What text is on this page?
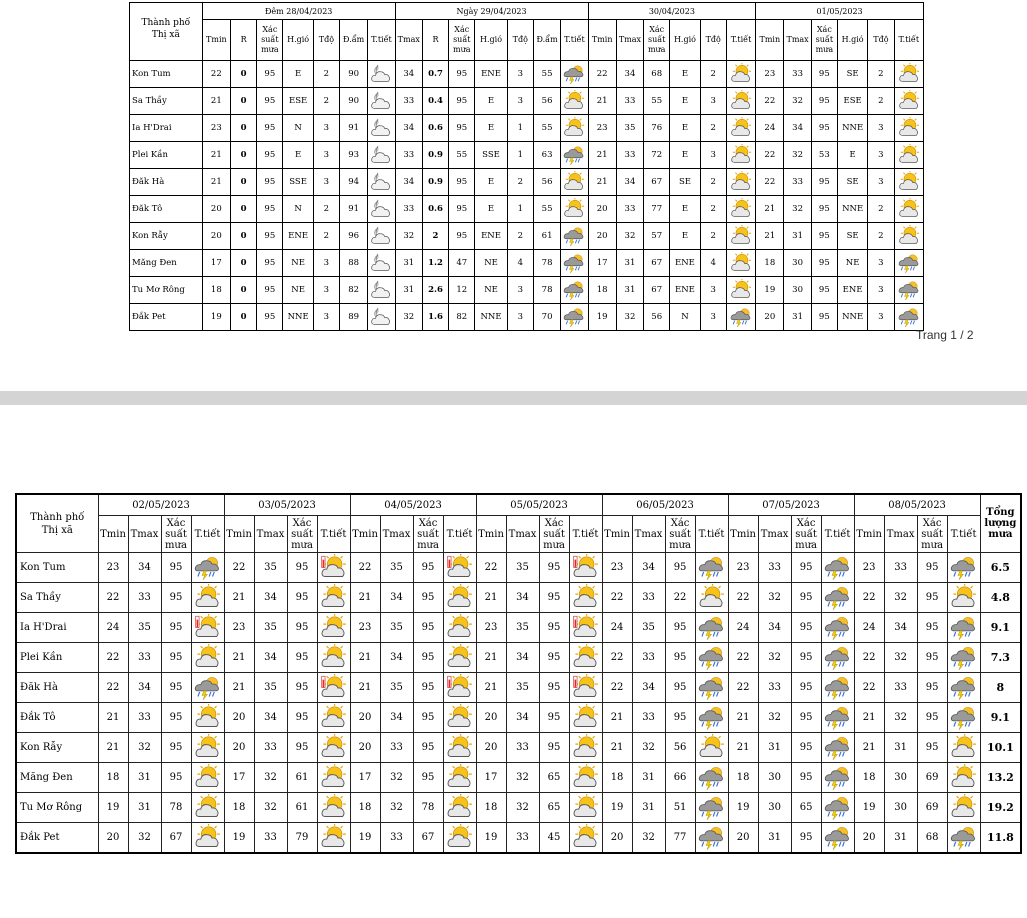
Thành phố
Thị xã	Đêm 28/04/2023							Ngày 29/04/2023							30/04/2023						01/05/2023					
	Tmin	R	Xác suất mưa	H.gió	Tđộ	Đ.ẩm	T.tiết	Tmax	R	Xác suất mưa	H.gió	Tđộ	Đ.ẩm	T.tiết	Tmin	Tmax	Xác suất mưa	H.gió	Tđộ	T.tiết	Tmin	Tmax	Xác suất mưa	H.gió	Tđộ	T.tiết
Kon Tum	22	0	95	E	2	90		34	0.7	95	ENE	3	55		22	34	68	E	2		23	33	95	SE	2	
Sa Thầy	21	0	95	ESE	2	90		33	0.4	95	E	3	56		21	33	55	E	3		22	32	95	ESE	2	
Ia H'Drai	23	0	95	N	3	91		34	0.6	95	E	1	55		23	35	76	E	2		24	34	95	NNE	3	
Plei Kần	21	0	95	E	3	93		33	0.9	55	SSE	1	63		21	33	72	E	3		22	32	53	E	3	
Đăk Hà	21	0	95	SSE	3	94		34	0.9	95	E	2	56		21	34	67	SE	2		22	33	95	SE	3	
Đăk Tô	20	0	95	N	2	91		33	0.6	95	E	1	55		20	33	77	E	2		21	32	95	NNE	2	
Kon Rẫy	20	0	95	ENE	2	96		32	2	95	ENE	2	61		20	32	57	E	2		21	31	95	SE	2	
Măng Đen	17	0	95	NE	3	88		31	1.2	47	NE	4	78		17	31	67	ENE	4		18	30	95	NE	3	
Tu Mơ Rông	18	0	95	NE	3	82		31	2.6	12	NE	3	78		18	31	67	ENE	3		19	30	95	ENE	3	
Đắk Pet	19	0	95	NNE	3	89		32	1.6	82	NNE	3	70		19	32	56	N	3		20	31	95	NNE	3	
Trang 1 / 2
Thành phố
Thị xã	02/05/2023				03/05/2023				04/05/2023				05/05/2023				06/05/2023				07/05/2023				08/05/2023				Tổng lượng mưa
	Tmin	Tmax	Xác suất mưa	T.tiết	Tmin	Tmax	Xác suất mưa	T.tiết	Tmin	Tmax	Xác suất mưa	T.tiết	Tmin	Tmax	Xác suất mưa	T.tiết	Tmin	Tmax	Xác suất mưa	T.tiết	Tmin	Tmax	Xác suất mưa	T.tiết	Tmin	Tmax	Xác suất mưa	T.tiết	
Kon Tum	23	34	95		22	35	95		22	35	95		22	35	95		23	34	95		23	33	95		23	33	95		6.5
Sa Thầy	22	33	95		21	34	95		21	34	95		21	34	95		22	33	22		22	32	95		22	32	95		4.8
Ia H'Drai	24	35	95		23	35	95		23	35	95		23	35	95		24	35	95		24	34	95		24	34	95		9.1
Plei Kần	22	33	95		21	34	95		21	34	95		21	34	95		22	33	95		22	32	95		22	32	95		7.3
Đăk Hà	22	34	95		21	35	95		21	35	95		21	35	95		22	34	95		22	33	95		22	33	95		8
Đắk Tô	21	33	95		20	34	95		20	34	95		20	34	95		21	33	95		21	32	95		21	32	95		9.1
Kon Rẫy	21	32	95		20	33	95		20	33	95		20	33	95		21	32	56		21	31	95		21	31	95		10.1
Măng Đen	18	31	95		17	32	61		17	32	95		17	32	65		18	31	66		18	30	95		18	30	69		13.2
Tu Mơ Rông	19	31	78		18	32	61		18	32	78		18	32	65		19	31	51		19	30	65		19	30	69		19.2
Đắk Pet	20	32	67		19	33	79		19	33	67		19	33	45		20	32	77		20	31	95		20	31	68		11.8
